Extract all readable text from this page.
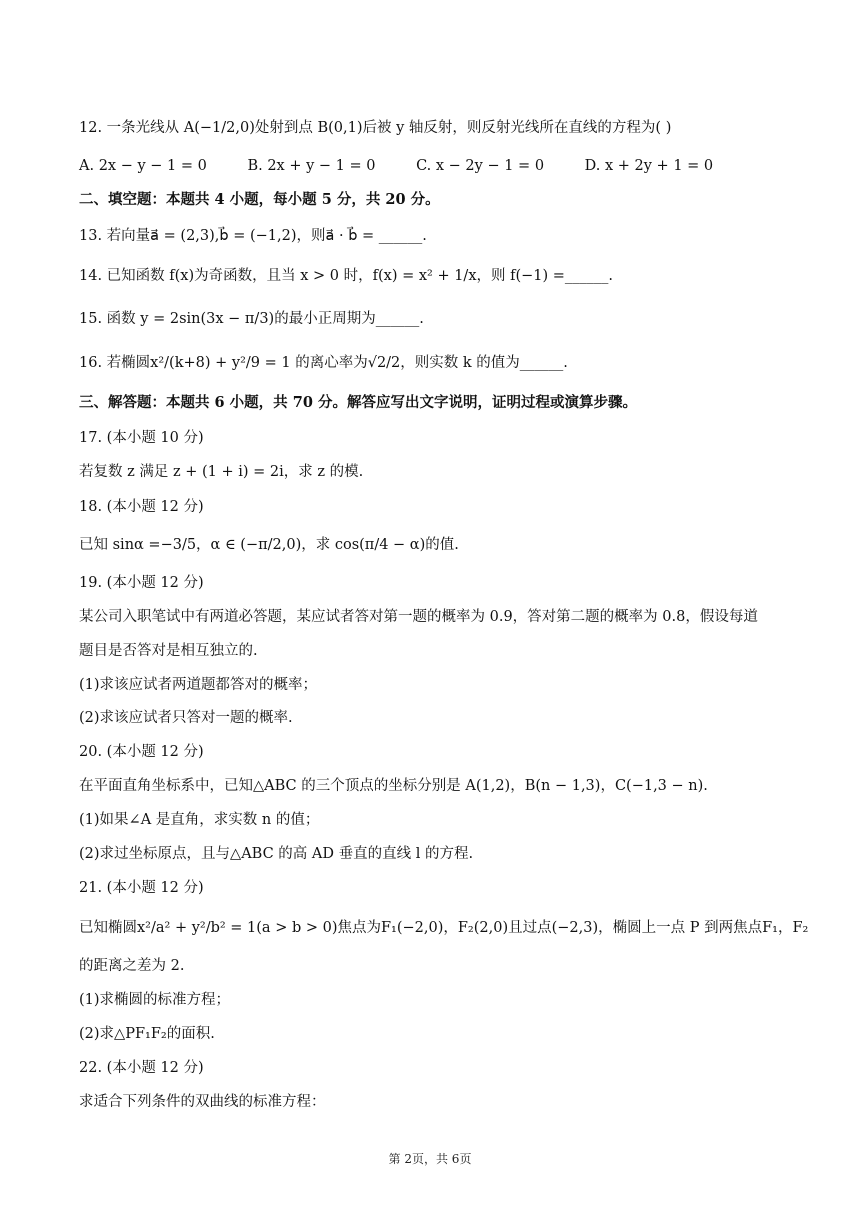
12. 一条光线从 A(−1/2,0)处射到点 B(0,1)后被 y 轴反射，则反射光线所在直线的方程为( )
A. 2x − y − 1 = 0	B. 2x + y − 1 = 0	C. x − 2y − 1 = 0	D. x + 2y + 1 = 0
二、填空题：本题共 4 小题，每小题 5 分，共 20 分。
13. 若向量a⃗ = (2,3),b⃗ = (−1,2)，则a⃗ · b⃗ = ______.
14. 已知函数 f(x)为奇函数，且当 x > 0 时，f(x) = x² + 1/x，则 f(−1) =______.
15. 函数 y = 2sin(3x − π/3)的最小正周期为______.
16. 若椭圆x²/(k+8) + y²/9 = 1 的离心率为√2/2，则实数 k 的值为______.
三、解答题：本题共 6 小题，共 70 分。解答应写出文字说明，证明过程或演算步骤。
17. (本小题 10 分)
若复数 z 满足 z + (1 + i) = 2i，求 z 的模.
18. (本小题 12 分)
已知 sinα =−3/5，α ∈ (−π/2,0)，求 cos(π/4 − α)的值.
19. (本小题 12 分)
某公司入职笔试中有两道必答题，某应试者答对第一题的概率为 0.9，答对第二题的概率为 0.8，假设每道
题目是否答对是相互独立的.
(1)求该应试者两道题都答对的概率；
(2)求该应试者只答对一题的概率.
20. (本小题 12 分)
在平面直角坐标系中，已知△ABC 的三个顶点的坐标分别是 A(1,2)，B(n − 1,3)，C(−1,3 − n).
(1)如果∠A 是直角，求实数 n 的值；
(2)求过坐标原点，且与△ABC 的高 AD 垂直的直线 l 的方程.
21. (本小题 12 分)
已知椭圆x²/a² + y²/b² = 1(a > b > 0)焦点为F₁(−2,0)，F₂(2,0)且过点(−2,3)，椭圆上一点 P 到两焦点F₁，F₂
的距离之差为 2.
(1)求椭圆的标准方程；
(2)求△PF₁F₂的面积.
22. (本小题 12 分)
求适合下列条件的双曲线的标准方程：
第 2页，共 6页
